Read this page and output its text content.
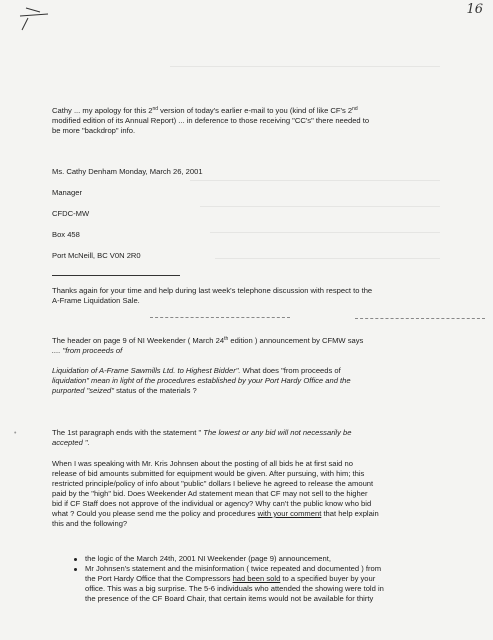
16
Cathy ... my apology for this 2nd version of today's earlier e-mail to you (kind of like CF's 2nd
modified edition of its Annual Report) ... in deference to those receiving "CC's" there needed to
be more "backdrop" info.
Ms. Cathy Denham Monday, March 26, 2001
Manager
CFDC-MW
Box 458
Port McNeill, BC V0N 2R0
Thanks again for your time and help during last week's telephone discussion with respect to the
A-Frame Liquidation Sale.
The header on page 9 of NI Weekender ( March 24th edition ) announcement by CFMW says
.... "from proceeds of
Liquidation of A-Frame Sawmills Ltd. to Highest Bidder". What does "from proceeds of
liquidation" mean in light of the procedures established by your Port Hardy Office and the
purported "seized" status of the materials ?
•	The 1st paragraph ends with the statement " The lowest or any bid will not necessarily be
accepted ".
When I was speaking with Mr. Kris Johnsen about the posting of all bids he at first said no
release of bid amounts submitted for equipment would be given. After pursuing, with him; this
restricted principle/policy of info about "public" dollars I believe he agreed to release the amount
paid by the "high" bid. Does Weekender Ad statement mean that CF may not sell to the higher
bid if CF Staff does not approve of the individual or agency? Why can't the public know who bid
what ? Could you please send me the policy and procedures with your comment that help explain
this and the following?
the logic of the March 24th, 2001 NI Weekender (page 9) announcement,
Mr Johnsen's statement and the misinformation ( twice repeated and documented ) from
the Port Hardy Office that the Compressors had been sold to a specified buyer by your
office. This was a big surprise. The 5-6 individuals who attended the showing were told in
the presence of the CF Board Chair, that certain items would not be available for thirty
